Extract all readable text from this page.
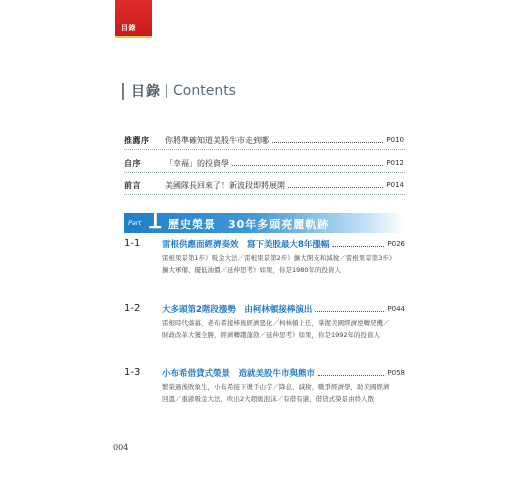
目錄
目錄 Contents
推薦序	你將準確知道美股牛市走到哪	P010
自序	「幸福」的投資學	P012
前言	美國隊長回來了！新波段即將展開	P014
Part 1 歷史榮景　30年多頭亮麗軌跡
1-1	雷根供應面經濟奏效　寫下美股最大8年漲幅	P026

雷根果景第1步》吸金大法／雷根果景第2步》擴大開支和減稅／雷根果景第3步》擴大軍備、擺低油價／延伸思考》如果，你是1980年的投資人

1-2	大多頭第2階段漲勢　由柯林頓接棒演出	P044

雷根時代落幕，老布希接棒後經濟惡化／柯林頓上任，掌握美國經濟逆轉契機／財政改革大獲全勝，經濟轉趨蓬勃／延伸思考》如果，你是1992年的投資人

1-3	小布希借貸式榮景　造就美股牛市與熊市	P058

繁榮過後敗象生，小布希接下燙手山芋／降息、減稅、戰爭經濟學，助美國經濟回溫／重啟吸金大法，吹出2大超級泡沫／有借有還，借貸式榮景由終人散

004
